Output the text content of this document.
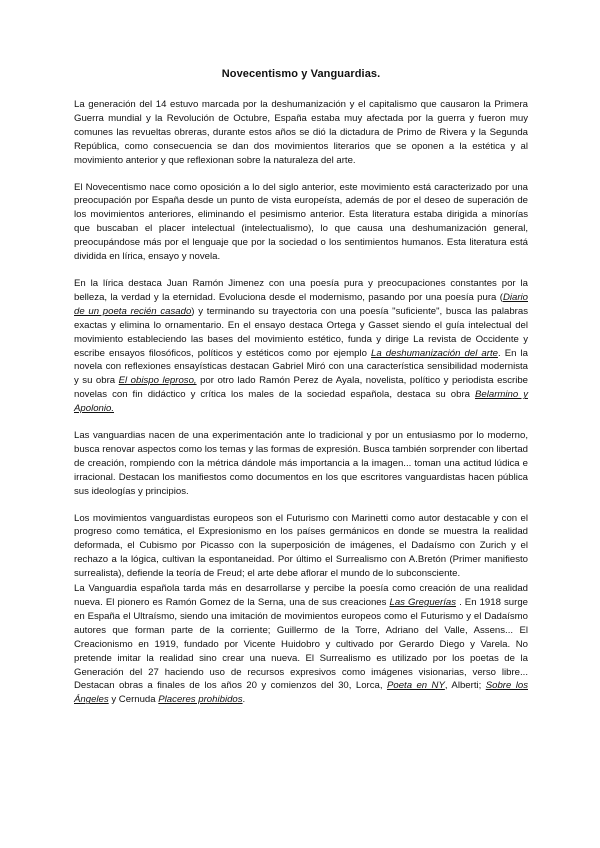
Novecentismo y Vanguardias.

La generación del 14 estuvo marcada por la deshumanización y el capitalismo que causaron la Primera Guerra mundial y la Revolución de Octubre, España estaba muy afectada por la guerra y fueron muy comunes las revueltas obreras, durante estos años se dió la dictadura de Primo de Rivera y la Segunda República, como consecuencia se dan dos movimientos literarios que se oponen a la estética y al movimiento anterior y que reflexionan sobre la naturaleza del arte.

El Novecentismo nace como oposición a lo del siglo anterior, este movimiento está caracterizado por una preocupación por España desde un punto de vista europeísta, además de por el deseo de superación de los movimientos anteriores, eliminando el pesimismo anterior. Esta literatura estaba dirigida a minorías que buscaban el placer intelectual (intelectualismo), lo que causa una deshumanización general, preocupándose más por el lenguaje que por la sociedad o los sentimientos humanos. Esta literatura está dividida en lírica, ensayo y novela.

En la lírica destaca Juan Ramón Jimenez con una poesía pura y preocupaciones constantes por la belleza, la verdad y la eternidad. Evoluciona desde el modernismo, pasando por una poesía pura (Diario de un poeta recién casado) y terminando su trayectoria con una poesía "suficiente", busca las palabras exactas y elimina lo ornamentario. En el ensayo destaca Ortega y Gasset siendo el guía intelectual del movimiento estableciendo las bases del movimiento estético, funda y dirige La revista de Occidente y escribe ensayos filosóficos, políticos y estéticos como por ejemplo La deshumanización del arte. En la novela con reflexiones ensayísticas destacan Gabriel Miró con una característica sensibilidad modernista y su obra El obispo leproso, por otro lado Ramón Perez de Ayala, novelista, político y periodista escribe novelas con fin didáctico y crítica los males de la sociedad española, destaca su obra Belarmino y Apolonio.

Las vanguardias nacen de una experimentación ante lo tradicional y por un entusiasmo por lo moderno, busca renovar aspectos como los temas y las formas de expresión. Busca también sorprender con libertad de creación, rompiendo con la métrica dándole más importancia a la imagen... toman una actitud lúdica e irracional. Destacan los manifiestos como documentos en los que escritores vanguardistas hacen pública sus ideologías y principios.

Los movimientos vanguardistas europeos son el Futurismo con Marinetti como autor destacable y con el progreso como temática, el Expresionismo en los países germánicos en donde se muestra la realidad deformada, el Cubismo por Picasso con la superposición de imágenes, el Dadaísmo con Zurich y el rechazo a la lógica, cultivan la espontaneidad. Por último el Surrealismo con A.Bretón (Primer manifiesto surrealista), defiende la teoría de Freud; el arte debe aflorar el mundo de lo subconsciente.

La Vanguardia española tarda más en desarrollarse y percibe la poesía como creación de una realidad nueva. El pionero es Ramón Gomez de la Serna, una de sus creaciones Las Greguerías . En 1918 surge en España el Ultraísmo, siendo una imitación de movimientos europeos como el Futurismo y el Dadaísmo autores que forman parte de la corriente; Guillermo de la Torre, Adriano del Valle, Assens... El Creacionismo en 1919, fundado por Vicente Huidobro y cultivado por Gerardo Diego y Varela. No pretende imitar la realidad sino crear una nueva. El Surrealismo es utilizado por los poetas de la Generación del 27 haciendo uso de recursos expresivos como imágenes visionarias, verso libre... Destacan obras a finales de los años 20 y comienzos del 30, Lorca, Poeta en NY, Alberti; Sobre los Ángeles y Cernuda Placeres prohibidos.
